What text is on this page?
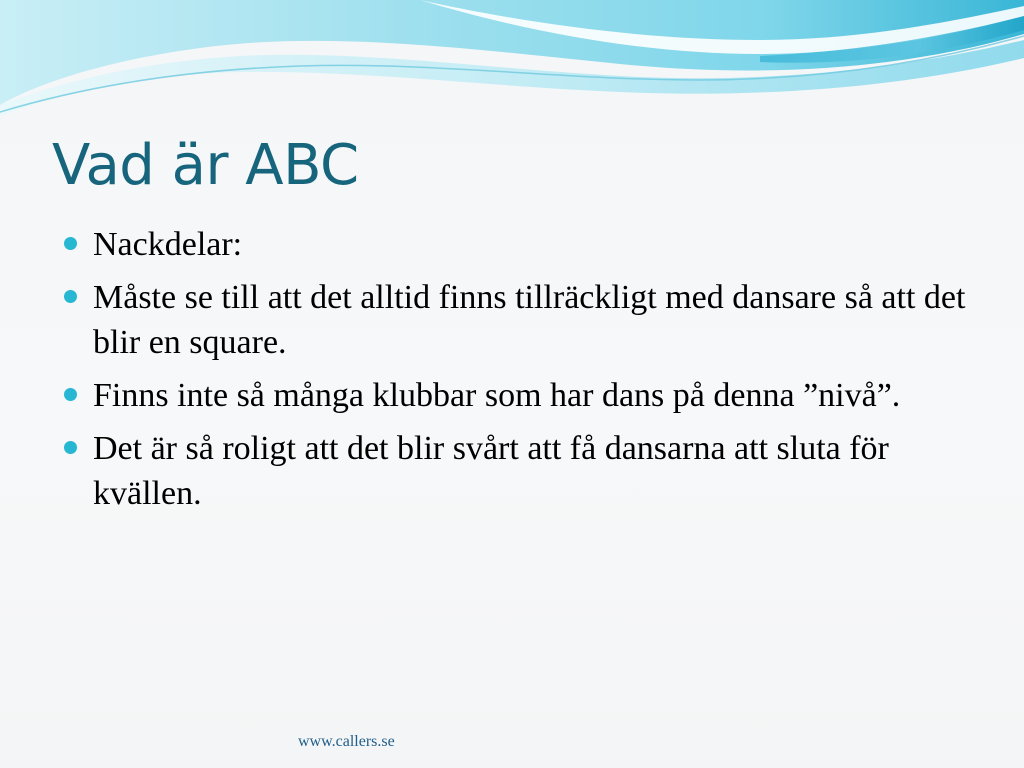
Vad är ABC
Nackdelar:
Måste se till att det alltid finns tillräckligt med dansare så att det blir en square.
Finns inte så många klubbar som har dans på denna ”nivå”.
Det är så roligt att det blir svårt att få dansarna att sluta för kvällen.
www.callers.se
